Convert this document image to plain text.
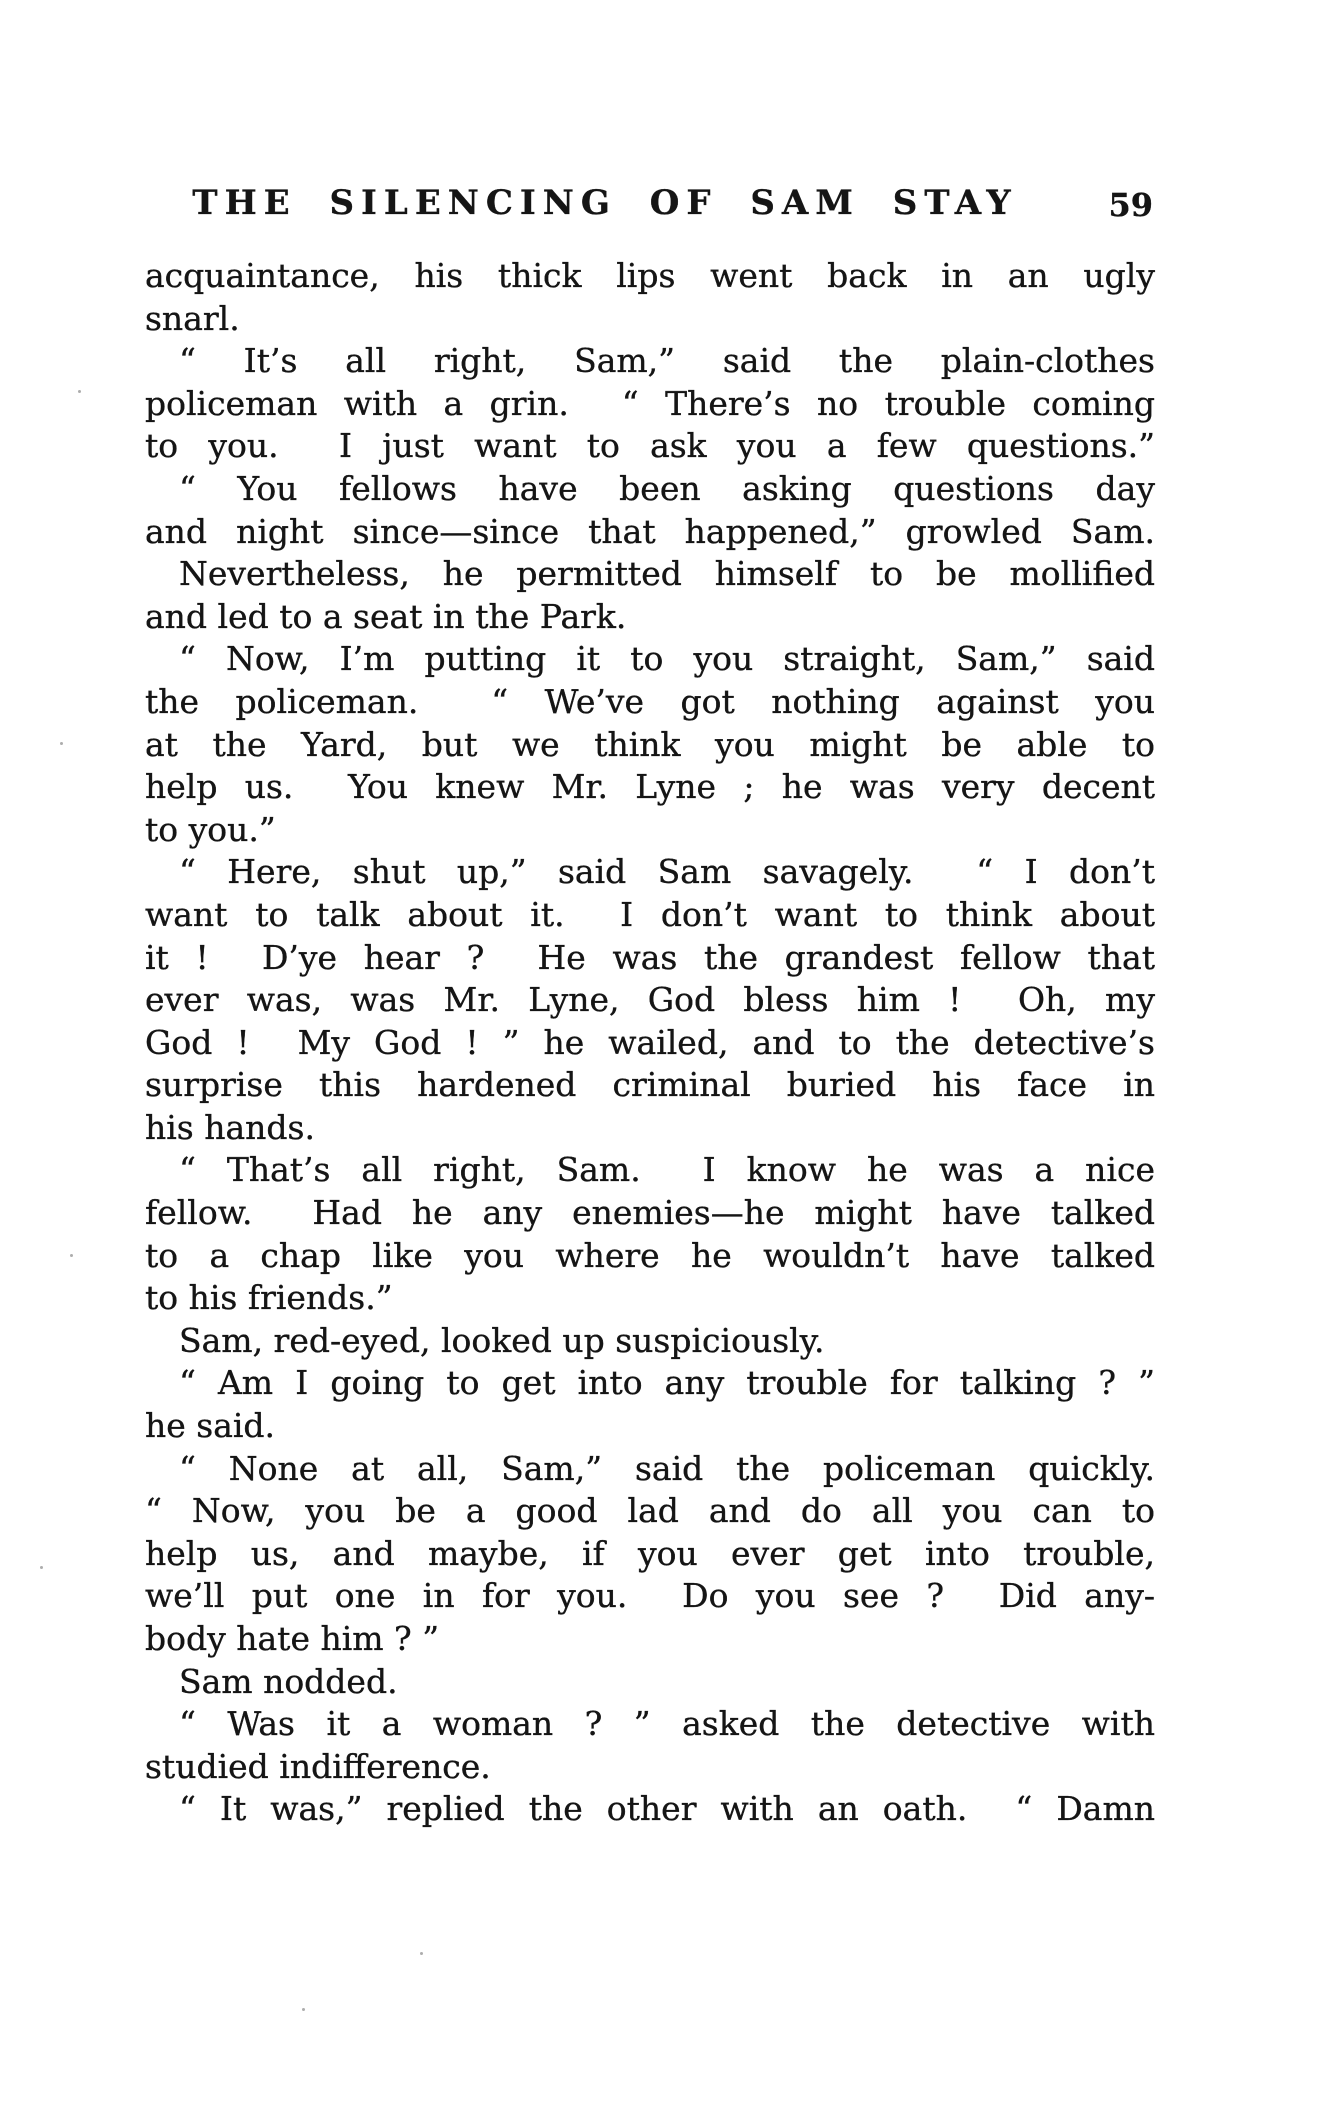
THE SILENCING OF SAM STAY	59
acquaintance, his thick lips went back in an ugly
snarl.
“ It’s all right, Sam,” said the plain-clothes
policeman with a grin.  “ There’s no trouble coming
to you.  I just want to ask you a few questions.”
“ You fellows have been asking questions day
and night since—since that happened,” growled Sam.
Nevertheless, he permitted himself to be mollified
and led to a seat in the Park.
“ Now, I’m putting it to you straight, Sam,” said
the policeman.  “ We’ve got nothing against you
at the Yard, but we think you might be able to
help us.  You knew Mr. Lyne ; he was very decent
to you.”
“ Here, shut up,” said Sam savagely.  “ I don’t
want to talk about it.  I don’t want to think about
it !  D’ye hear ?  He was the grandest fellow that
ever was, was Mr. Lyne, God bless him !  Oh, my
God !  My God ! ” he wailed, and to the detective’s
surprise this hardened criminal buried his face in
his hands.
“ That’s all right, Sam.  I know he was a nice
fellow.  Had he any enemies—he might have talked
to a chap like you where he wouldn’t have talked
to his friends.”
Sam, red-eyed, looked up suspiciously.
“ Am I going to get into any trouble for talking ? ”
he said.
“ None at all, Sam,” said the policeman quickly.
“ Now, you be a good lad and do all you can to
help us, and maybe, if you ever get into trouble,
we’ll put one in for you.  Do you see ?  Did any-
body hate him ? ”
Sam nodded.
“ Was it a woman ? ” asked the detective with
studied indifference.
“ It was,” replied the other with an oath.  “ Damn
